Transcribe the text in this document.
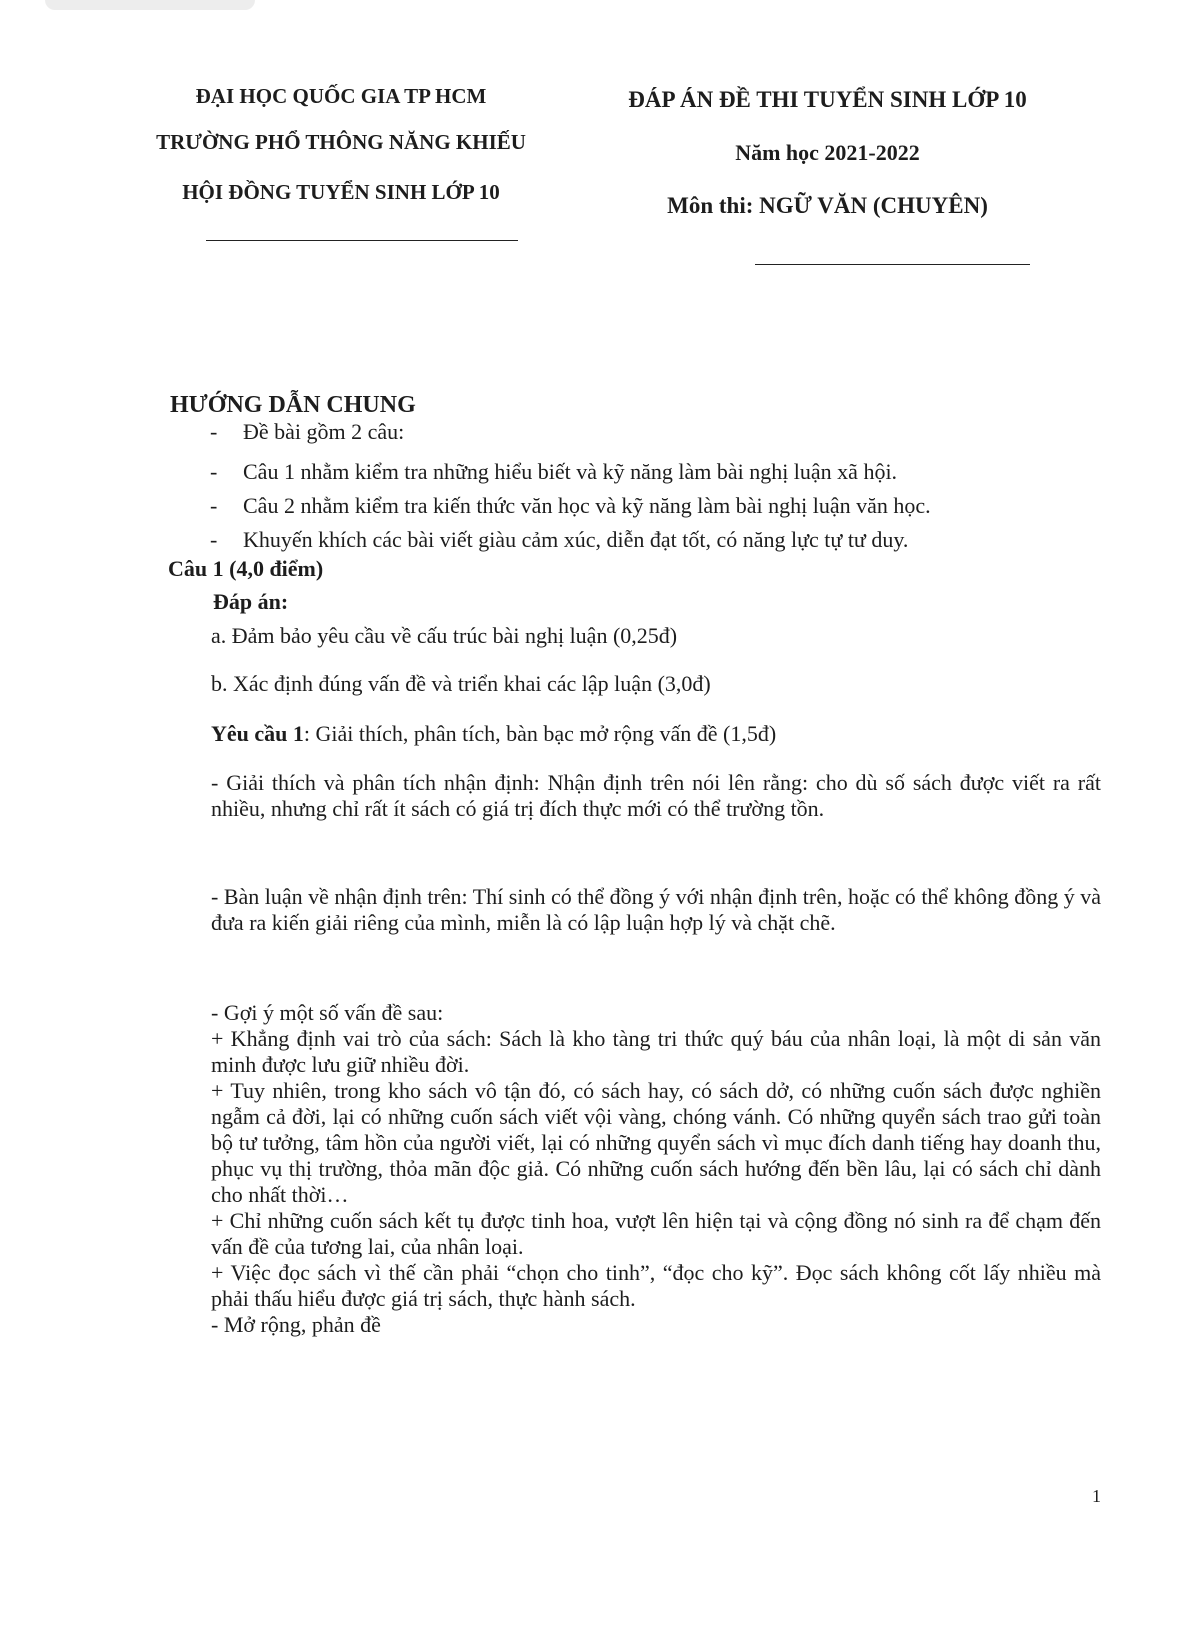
ĐẠI HỌC QUỐC GIA TP HCM
TRƯỜNG PHỔ THÔNG NĂNG KHIẾU
HỘI ĐỒNG TUYỂN SINH LỚP 10
ĐÁP ÁN ĐỀ THI TUYỂN SINH LỚP 10
Năm học 2021-2022
Môn thi: NGỮ VĂN (CHUYÊN)
HƯỚNG DẪN CHUNG
- Đề bài gồm 2 câu:
- Câu 1 nhằm kiểm tra những hiểu biết và kỹ năng làm bài nghị luận xã hội.
- Câu 2 nhằm kiểm tra kiến thức văn học và kỹ năng làm bài nghị luận văn học.
- Khuyến khích các bài viết giàu cảm xúc, diễn đạt tốt, có năng lực tự tư duy.
Câu 1 (4,0 điểm)
Đáp án:
a. Đảm bảo yêu cầu về cấu trúc bài nghị luận (0,25đ)
b. Xác định đúng vấn đề và triển khai các lập luận (3,0đ)
Yêu cầu 1: Giải thích, phân tích, bàn bạc mở rộng vấn đề (1,5đ)
- Giải thích và phân tích nhận định: Nhận định trên nói lên rằng: cho dù số sách được viết ra rất nhiều, nhưng chỉ rất ít sách có giá trị đích thực mới có thể trường tồn.
- Bàn luận về nhận định trên: Thí sinh có thể đồng ý với nhận định trên, hoặc có thể không đồng ý và đưa ra kiến giải riêng của mình, miễn là có lập luận hợp lý và chặt chẽ.
- Gợi ý một số vấn đề sau:
+ Khẳng định vai trò của sách: Sách là kho tàng tri thức quý báu của nhân loại, là một di sản văn minh được lưu giữ nhiều đời.
+ Tuy nhiên, trong kho sách vô tận đó, có sách hay, có sách dở, có những cuốn sách được nghiền ngẫm cả đời, lại có những cuốn sách viết vội vàng, chóng vánh. Có những quyển sách trao gửi toàn bộ tư tưởng, tâm hồn của người viết, lại có những quyển sách vì mục đích danh tiếng hay doanh thu, phục vụ thị trường, thỏa mãn độc giả. Có những cuốn sách hướng đến bền lâu, lại có sách chỉ dành cho nhất thời…
+ Chỉ những cuốn sách kết tụ được tinh hoa, vượt lên hiện tại và cộng đồng nó sinh ra để chạm đến vấn đề của tương lai, của nhân loại.
+ Việc đọc sách vì thế cần phải “chọn cho tinh”, “đọc cho kỹ”. Đọc sách không cốt lấy nhiều mà phải thấu hiểu được giá trị sách, thực hành sách.
- Mở rộng, phản đề
1
